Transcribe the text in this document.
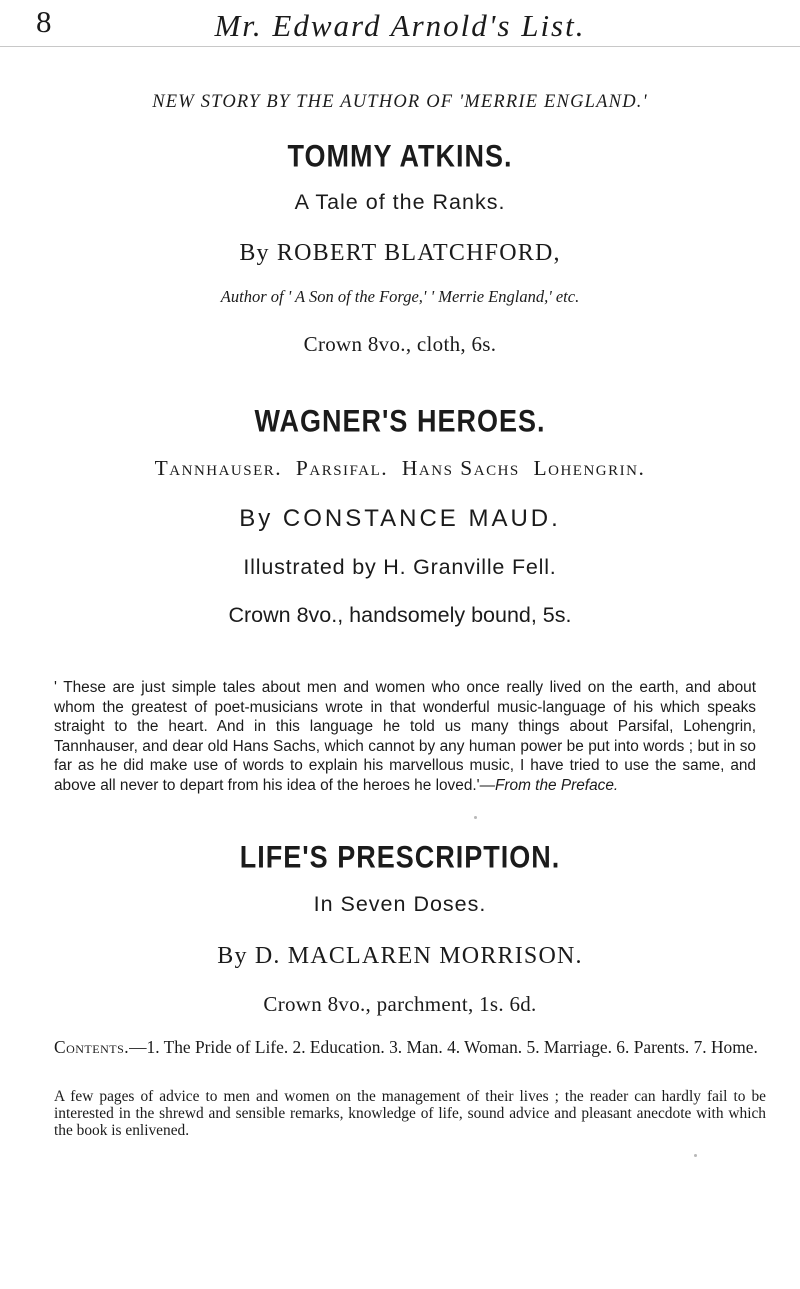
8	Mr. Edward Arnold's List.
NEW STORY BY THE AUTHOR OF 'MERRIE ENGLAND.'
TOMMY ATKINS.
A Tale of the Ranks.
By ROBERT BLATCHFORD,
Author of ' A Son of the Forge,' ' Merrie England,' etc.
Crown 8vo., cloth, 6s.
WAGNER'S HEROES.
Tannhauser.  Parsifal.  Hans Sachs  Lohengrin.
By CONSTANCE MAUD.
Illustrated by H. Granville Fell.
Crown 8vo., handsomely bound, 5s.
' These are just simple tales about men and women who once really lived on the earth, and about whom the greatest of poet-musicians wrote in that wonderful music-language of his which speaks straight to the heart. And in this language he told us many things about Parsifal, Lohengrin, Tannhauser, and dear old Hans Sachs, which cannot by any human power be put into words ; but in so far as he did make use of words to explain his marvellous music, I have tried to use the same, and above all never to depart from his idea of the heroes he loved.'—From the Preface.
LIFE'S PRESCRIPTION.
In Seven Doses.
By D. MACLAREN MORRISON.
Crown 8vo., parchment, 1s. 6d.
Contents.—1. The Pride of Life. 2. Education. 3. Man. 4. Woman. 5. Marriage. 6. Parents. 7. Home.
A few pages of advice to men and women on the management of their lives ; the reader can hardly fail to be interested in the shrewd and sensible remarks, knowledge of life, sound advice and pleasant anecdote with which the book is enlivened.
